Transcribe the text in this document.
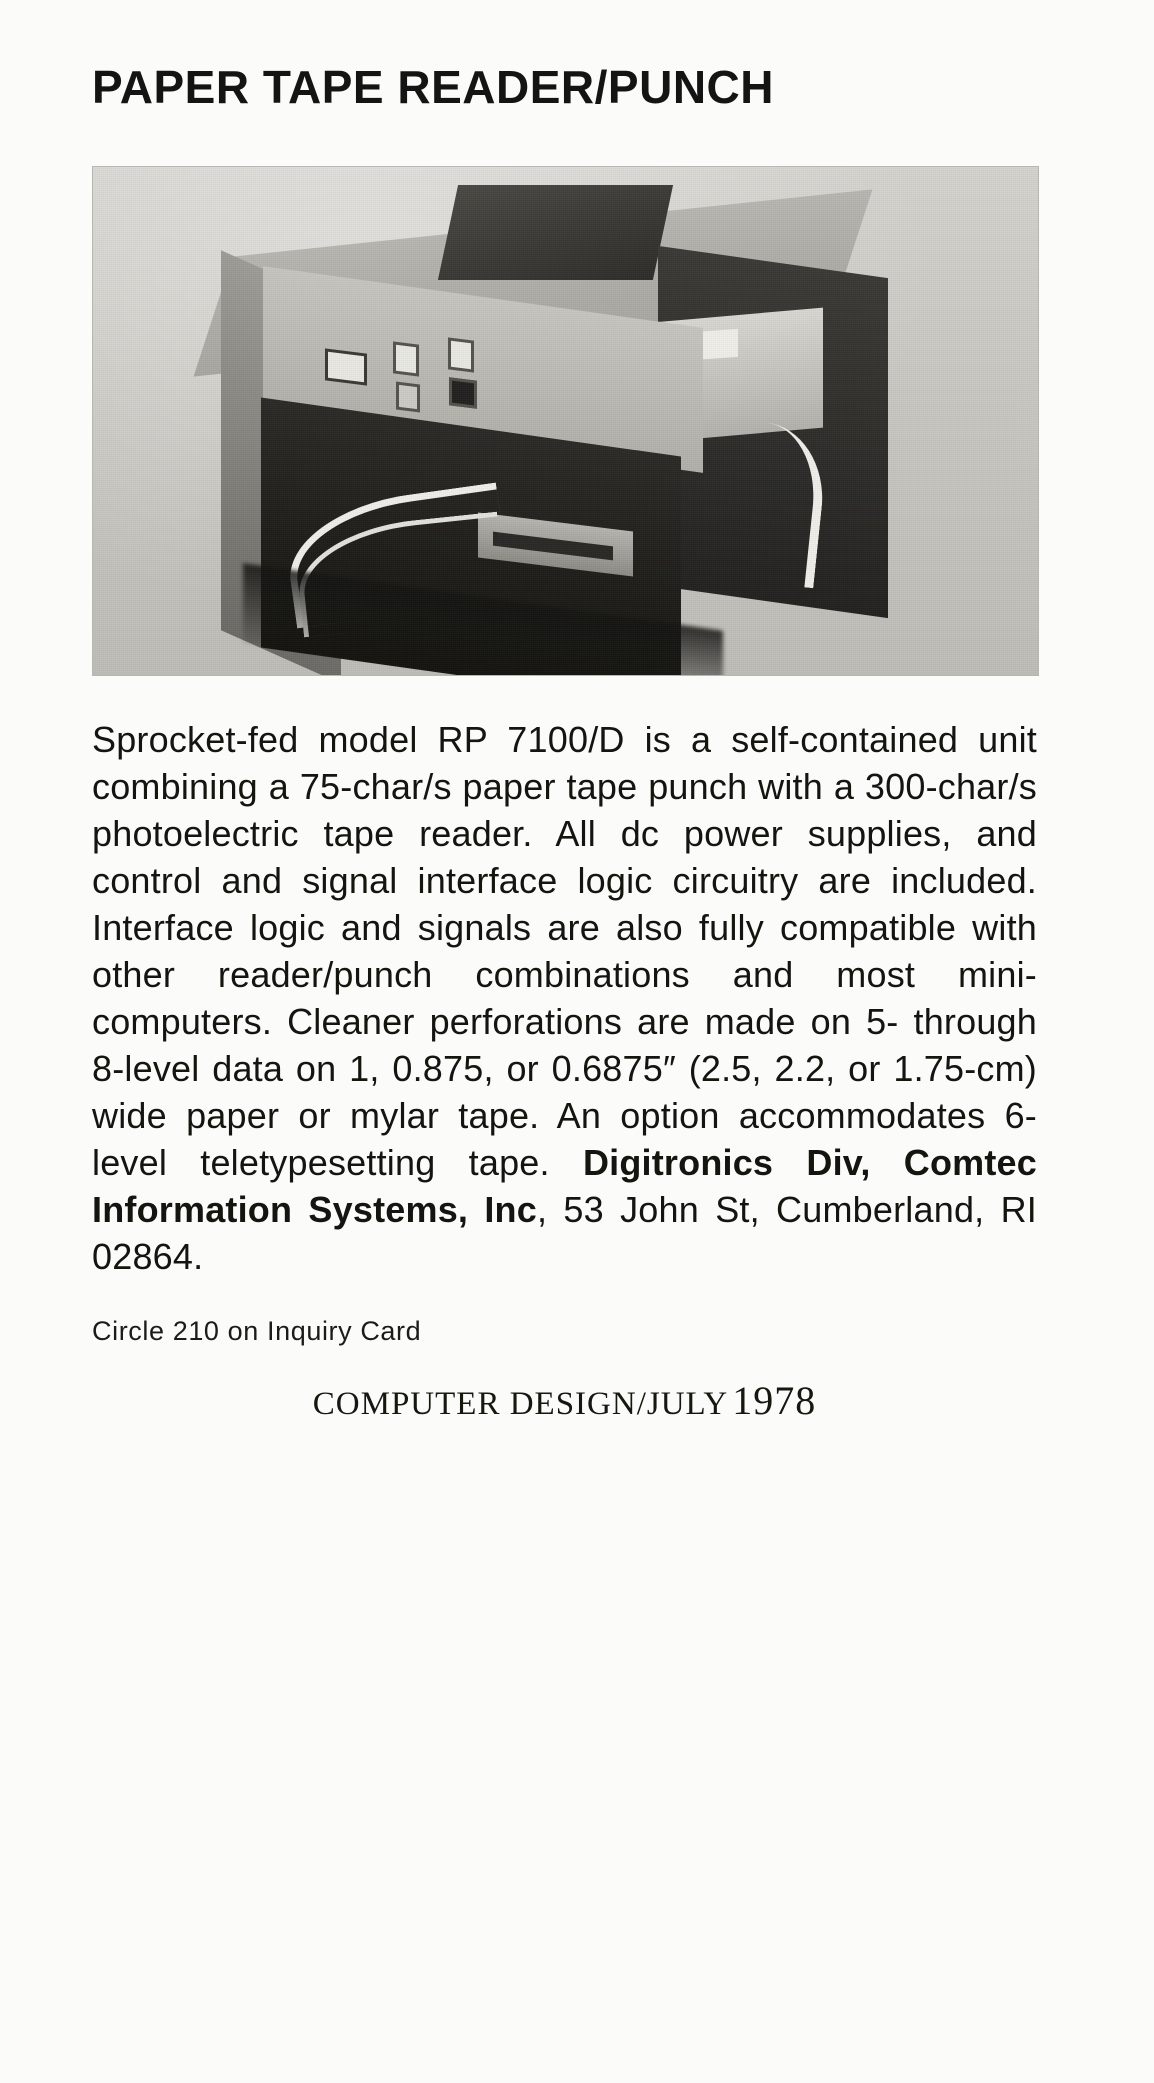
PAPER TAPE READER/PUNCH

Sprocket-fed model RP 7100/D is a self-contained unit combining a 75-char/s paper tape punch with a 300-char/s photoelectric tape reader. All dc power supplies, and control and signal interface logic circuitry are included. Interface logic and signals are also fully compatible with other reader/punch combinations and most mini-computers. Cleaner perforations are made on 5- through 8-level data on 1, 0.875, or 0.6875″ (2.5, 2.2, or 1.75-cm) wide paper or mylar tape. An option accommodates 6-level teletypesetting tape. Digitronics Div, Comtec Information Systems, Inc, 53 John St, Cumberland, RI 02864.

Circle 210 on Inquiry Card
COMPUTER DESIGN/JULY 1978
